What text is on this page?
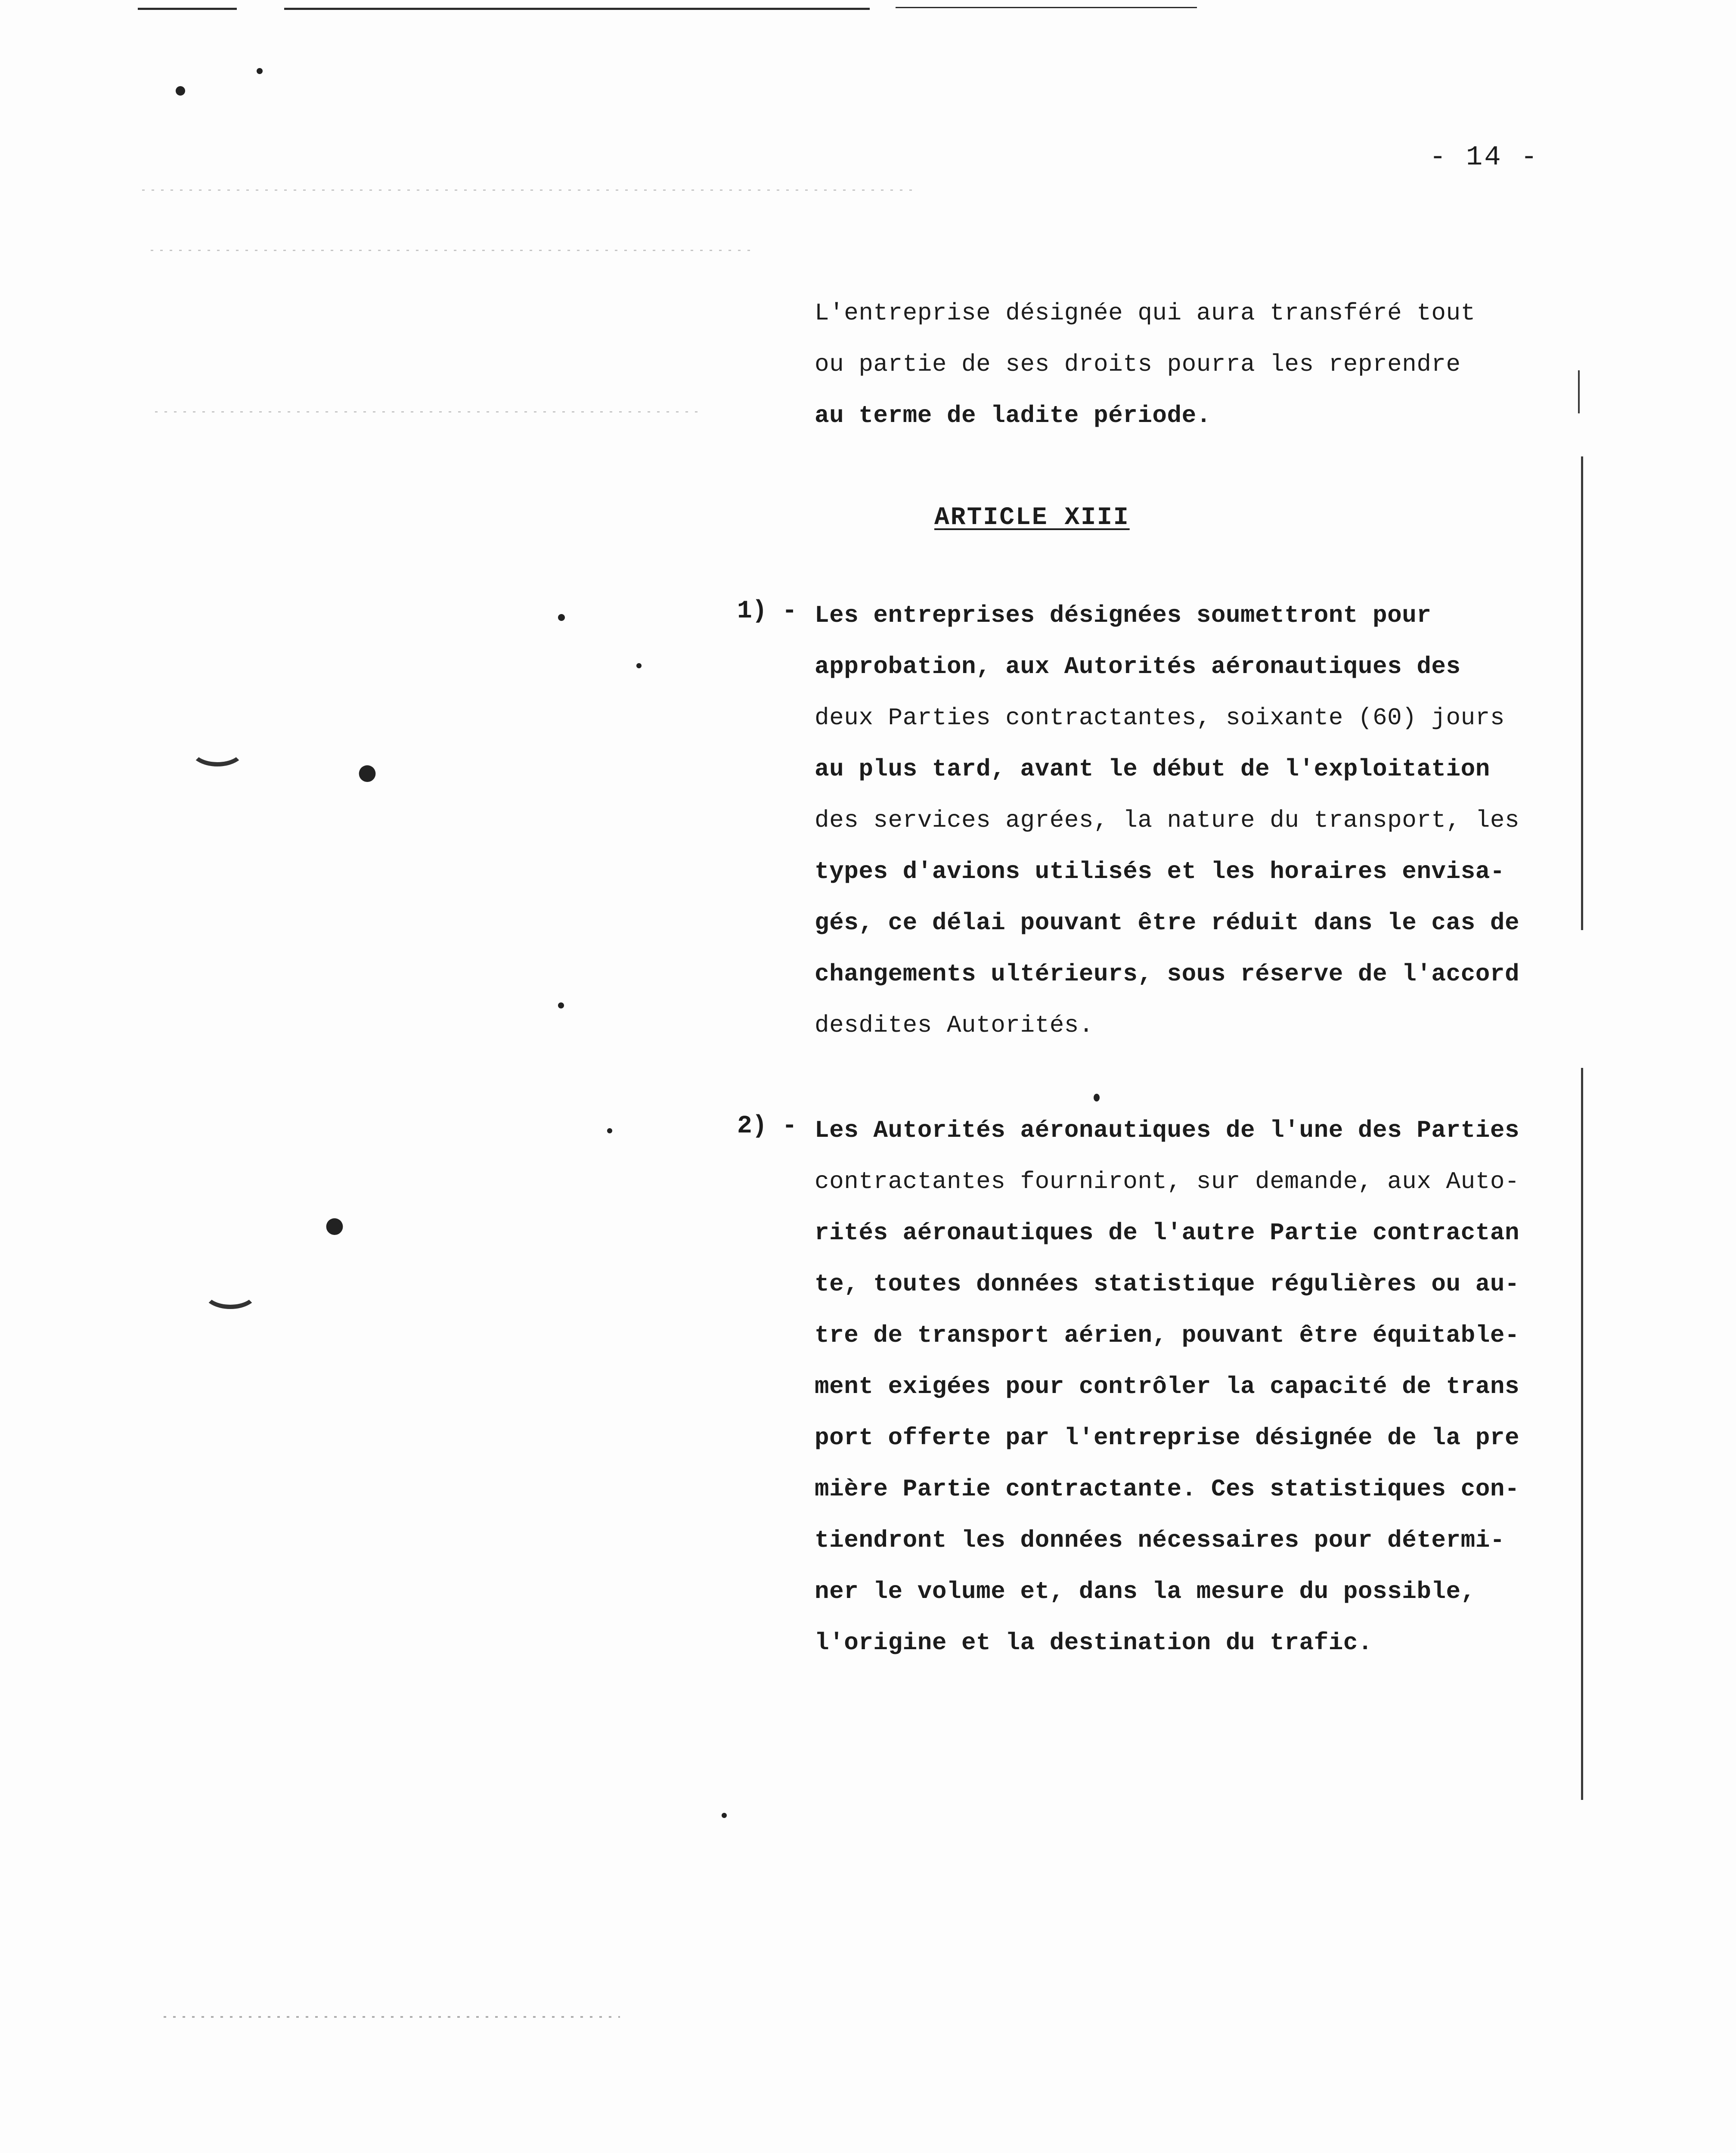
●
●
- 14 -
L'entreprise désignée qui aura transféré tout
ou partie de ses droits pourra les reprendre
au terme de ladite période.
ARTICLE XIII
1) - Les entreprises désignées soumettront pour
approbation, aux Autorités aéronautiques des
deux Parties contractantes, soixante (60) jours
au plus tard, avant le début de l'exploitation
des services agrées, la nature du transport, les
types d'avions utilisés et les horaires envisa-
gés, ce délai pouvant être réduit dans le cas de
changements ultérieurs, sous réserve de l'accord
desdites Autorités.
2) - Les Autorités aéronautiques de l'une des Parties
contractantes fourniront, sur demande, aux Auto-
rités aéronautiques de l'autre Partie contractan
te, toutes données statistique régulières ou au-
tre de transport aérien, pouvant être équitable-
ment exigées pour contrôler la capacité de trans
port offerte par l'entreprise désignée de la pre
mière Partie contractante. Ces statistiques con-
tiendront les données nécessaires pour détermi-
ner le volume et, dans la mesure du possible,
l'origine et la destination du trafic.
